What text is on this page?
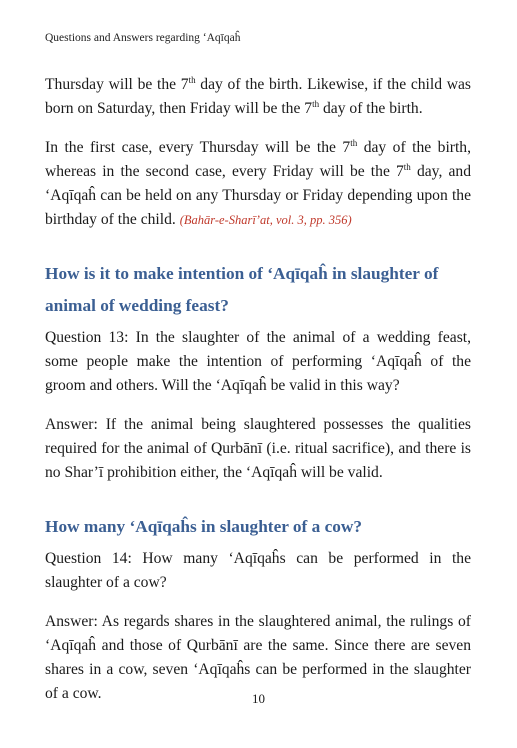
Questions and Answers regarding ‘Aqīqaĥ

Thursday will be the 7th day of the birth. Likewise, if the child was born on Saturday, then Friday will be the 7th day of the birth.

In the first case, every Thursday will be the 7th day of the birth, whereas in the second case, every Friday will be the 7th day, and ‘Aqīqaĥ can be held on any Thursday or Friday depending upon the birthday of the child. (Bahār-e-Sharī’at, vol. 3, pp. 356)

How is it to make intention of ‘Aqīqaĥ in slaughter of animal of wedding feast?

Question 13: In the slaughter of the animal of a wedding feast, some people make the intention of performing ‘Aqīqaĥ of the groom and others. Will the ‘Aqīqaĥ be valid in this way?

Answer: If the animal being slaughtered possesses the qualities required for the animal of Qurbānī (i.e. ritual sacrifice), and there is no Shar’ī prohibition either, the ‘Aqīqaĥ will be valid.

How many ‘Aqīqaĥs in slaughter of a cow?

Question 14: How many ‘Aqīqaĥs can be performed in the slaughter of a cow?

Answer: As regards shares in the slaughtered animal, the rulings of ‘Aqīqaĥ and those of Qurbānī are the same. Since there are seven shares in a cow, seven ‘Aqīqaĥs can be performed in the slaughter of a cow.	10
